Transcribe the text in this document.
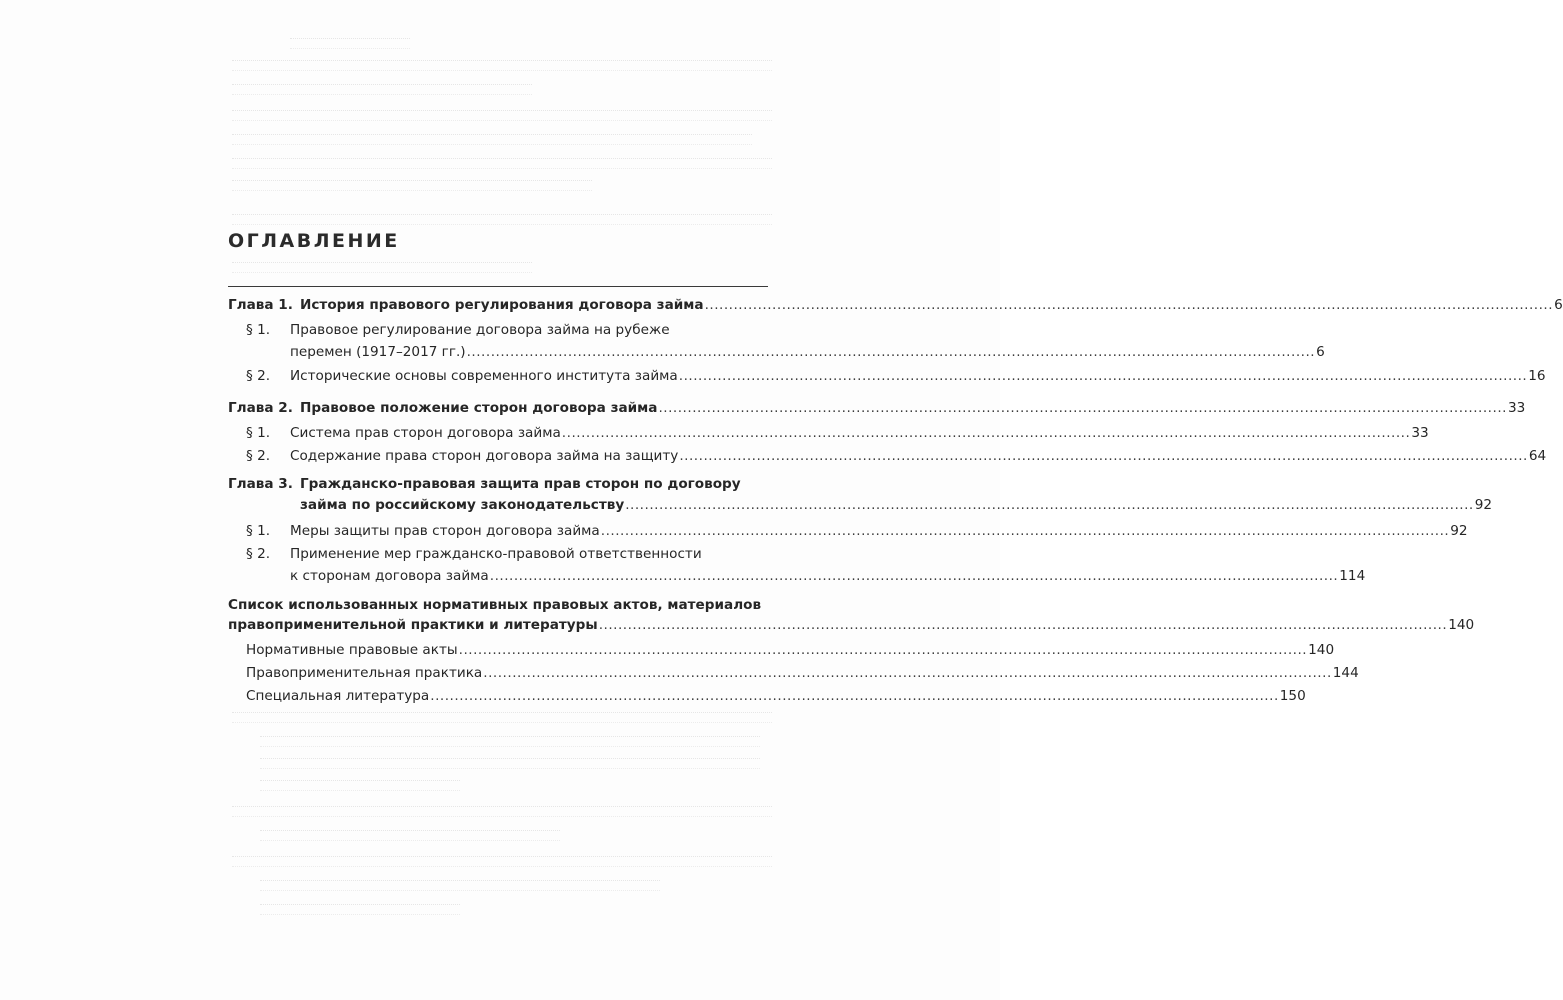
ОГЛАВЛЕНИЕ
Глава 1. История правового регулирования договора займа .....	6
§ 1. Правовое регулирование договора займа на рубеже
перемен (1917–2017 гг.) .....	6
§ 2. Исторические основы современного института займа .....	16
Глава 2. Правовое положение сторон договора займа .....	33
§ 1. Система прав сторон договора займа .....	33
§ 2. Содержание права сторон договора займа на защиту .....	64
Глава 3. Гражданско-правовая защита прав сторон по договору
займа по российскому законодательству .....	92
§ 1. Меры защиты прав сторон договора займа .....	92
§ 2. Применение мер гражданско-правовой ответственности
к сторонам договора займа .....	114
Список использованных нормативных правовых актов, материалов
правоприменительной практики и литературы .....	140
Нормативные правовые акты .....	140
Правоприменительная практика .....	144
Специальная литература .....	150
